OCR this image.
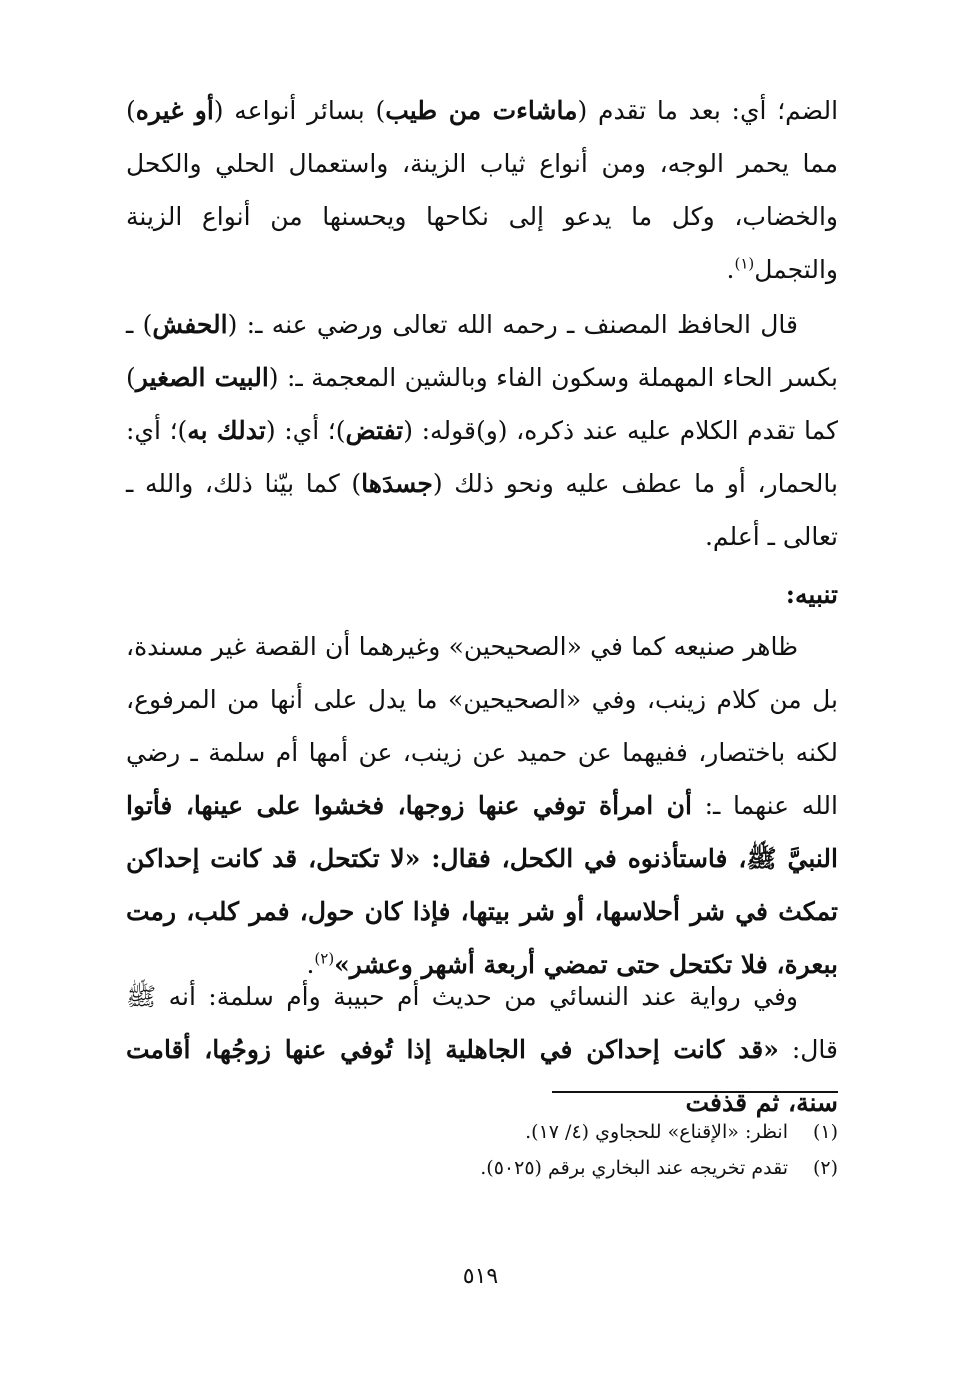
الضم؛ أي: بعد ما تقدم (ماشاءت من طيب) بسائر أنواعه (أو غيره) مما يحمر الوجه، ومن أنواع ثياب الزينة، واستعمال الحلي والكحل والخضاب، وكل ما يدعو إلى نكاحها ويحسنها من أنواع الزينة والتجمل$^{(١)}$.

قال الحافظ المصنف ـ رحمه الله تعالى ورضي عنه ـ: (الحفش) ـ بكسر الحاء المهملة وسكون الفاء وبالشين المعجمة ـ: (البيت الصغير) كما تقدم الكلام عليه عند ذكره، (و)قوله: (تفتض)؛ أي: (تدلك به)؛ أي: بالحمار، أو ما عطف عليه ونحو ذلك (جسدَها) كما بيّنا ذلك، والله ـ تعالى ـ أعلم.

تنبيه:

ظاهر صنيعه كما في «الصحيحين» وغيرهما أن القصة غير مسندة، بل من كلام زينب، وفي «الصحيحين» ما يدل على أنها من المرفوع، لكنه باختصار، ففيهما عن حميد عن زينب، عن أمها أم سلمة ـ رضي الله عنهما ـ: أن امرأة توفي عنها زوجها، فخشوا على عينها، فأتوا النبيَّ ﷺ، فاستأذنوه في الكحل، فقال: «لا تكتحل، قد كانت إحداكن تمكث في شر أحلاسها، أو شر بيتها، فإذا كان حول، فمر كلب، رمت ببعرة، فلا تكتحل حتى تمضي أربعة أشهر وعشر»$^{(٢)}$.

وفي رواية عند النسائي من حديث أم حبيبة وأم سلمة: أنه ﷺ قال: «قد كانت إحداكن في الجاهلية إذا تُوفي عنها زوجُها، أقامت سنة، ثم قذفت

(١)انظر: «الإقناع» للحجاوي (٤/ ١٧).

(٢)تقدم تخريجه عند البخاري برقم (٥٠٢٥).

٥١٩
